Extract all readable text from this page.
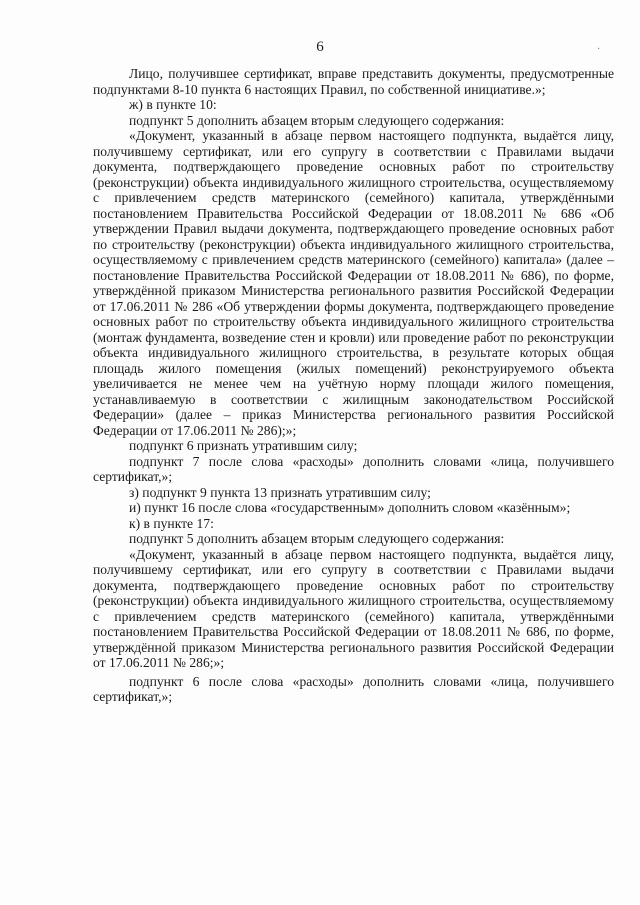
6	·

Лицо, получившее сертификат, вправе представить документы, предусмотренные подпунктами 8-10 пункта 6 настоящих Правил, по собственной инициативе.»;

ж) в пункте 10:

подпункт 5 дополнить абзацем вторым следующего содержания:

«Документ, указанный в абзаце первом настоящего подпункта, выдаётся лицу, получившему сертификат, или его супругу в соответствии с Правилами выдачи документа, подтверждающего проведение основных работ по строительству (реконструкции) объекта индивидуального жилищного строительства, осуществляемому с привлечением средств материнского (семейного) капитала, утверждёнными постановлением Правительства Российской Федерации от 18.08.2011 № 686 «Об утверждении Правил выдачи документа, подтверждающего проведение основных работ по строительству (реконструкции) объекта индивидуального жилищного строительства, осуществляемому с привлечением средств материнского (семейного) капитала» (далее – постановление Правительства Российской Федерации от 18.08.2011 № 686), по форме, утверждённой приказом Министерства регионального развития Российской Федерации от 17.06.2011 № 286 «Об утверждении формы документа, подтверждающего проведение основных работ по строительству объекта индивидуального жилищного строительства (монтаж фундамента, возведение стен и кровли) или проведение работ по реконструкции объекта индивидуального жилищного строительства, в результате которых общая площадь жилого помещения (жилых помещений) реконструируемого объекта увеличивается не менее чем на учётную норму площади жилого помещения, устанавливаемую в соответствии с жилищным законодательством Российской Федерации» (далее – приказ Министерства регионального развития Российской Федерации от 17.06.2011 № 286);»;

подпункт 6 признать утратившим силу;

подпункт 7 после слова «расходы» дополнить словами «лица, получившего сертификат,»;

з) подпункт 9 пункта 13 признать утратившим силу;

и) пункт 16 после слова «государственным» дополнить словом «казённым»;

к) в пункте 17:

подпункт 5 дополнить абзацем вторым следующего содержания:

«Документ, указанный в абзаце первом настоящего подпункта, выдаётся лицу, получившему сертификат, или его супругу в соответствии с Правилами выдачи документа, подтверждающего проведение основных работ по строительству (реконструкции) объекта индивидуального жилищного строительства, осуществляемому с привлечением средств материнского (семейного) капитала, утверждёнными постановлением Правительства Российской Федерации от 18.08.2011 № 686, по форме, утверждённой приказом Министерства регионального развития Российской Федерации от 17.06.2011 № 286;»;

подпункт 6 после слова «расходы» дополнить словами «лица, получившего сертификат,»;
